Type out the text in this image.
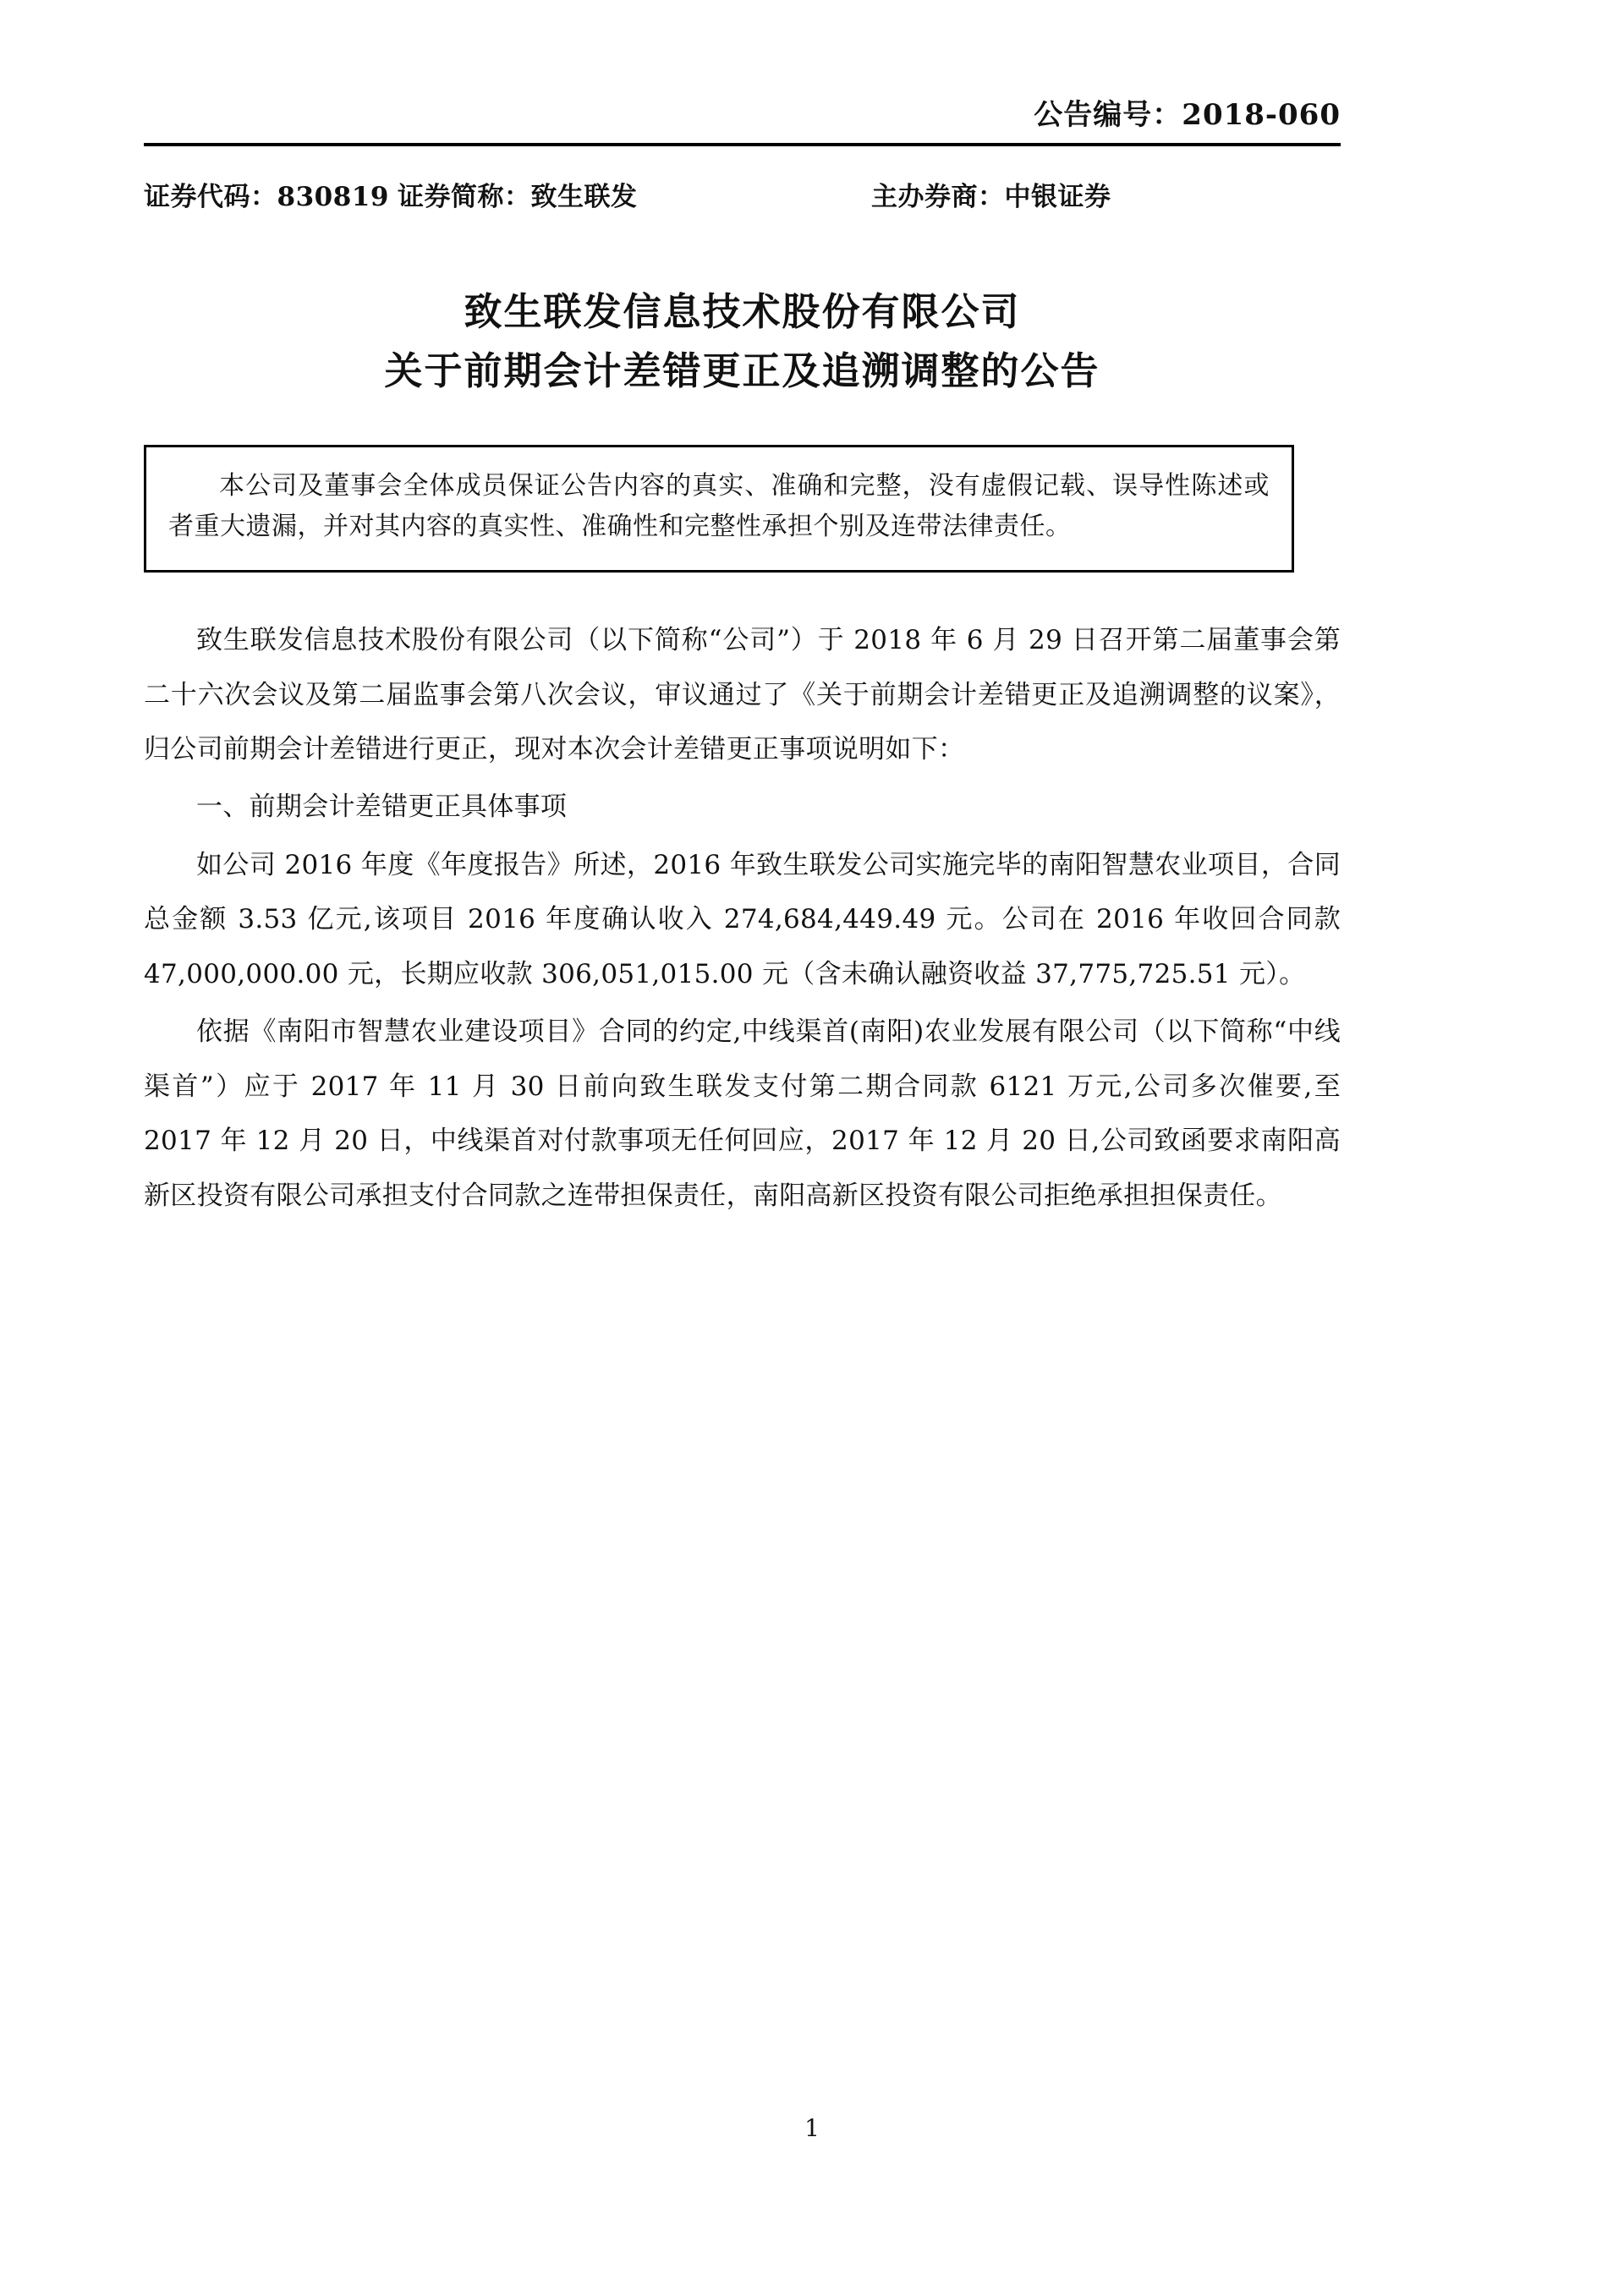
公告编号：2018-060
证券代码：830819 证券简称：致生联发	主办券商：中银证券
致生联发信息技术股份有限公司
关于前期会计差错更正及追溯调整的公告

本公司及董事会全体成员保证公告内容的真实、准确和完整，没有虚假记载、误导性陈述或者重大遗漏，并对其内容的真实性、准确性和完整性承担个别及连带法律责任。

致生联发信息技术股份有限公司（以下简称“公司”）于 2018 年 6 月 29 日召开第二届董事会第二十六次会议及第二届监事会第八次会议，审议通过了《关于前期会计差错更正及追溯调整的议案》，归公司前期会计差错进行更正，现对本次会计差错更正事项说明如下：

一、前期会计差错更正具体事项

如公司 2016 年度《年度报告》所述，2016 年致生联发公司实施完毕的南阳智慧农业项目，合同总金额 3.53 亿元,该项目 2016 年度确认收入 274,684,449.49 元。公司在 2016 年收回合同款 47,000,000.00 元，长期应收款 306,051,015.00 元（含未确认融资收益 37,775,725.51 元）。

依据《南阳市智慧农业建设项目》合同的约定,中线渠首(南阳)农业发展有限公司（以下简称“中线渠首”）应于 2017 年 11 月 30 日前向致生联发支付第二期合同款 6121 万元,公司多次催要,至 2017 年 12 月 20 日，中线渠首对付款事项无任何回应，2017 年 12 月 20 日,公司致函要求南阳高新区投资有限公司承担支付合同款之连带担保责任，南阳高新区投资有限公司拒绝承担担保责任。

1
